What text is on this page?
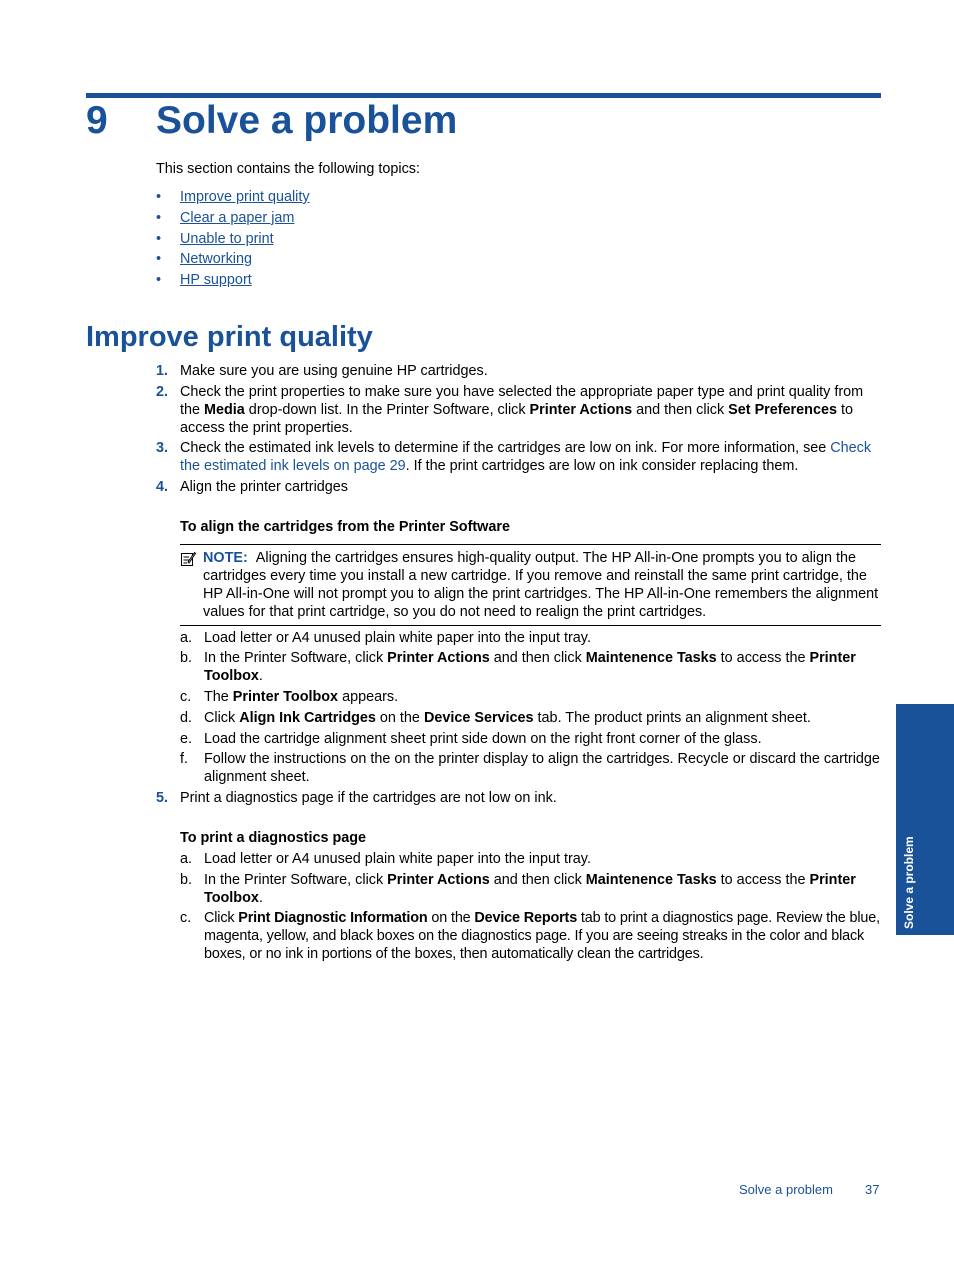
9 Solve a problem
This section contains the following topics:
• Improve print quality
• Clear a paper jam
• Unable to print
• Networking
• HP support
Improve print quality
1. Make sure you are using genuine HP cartridges.
2. Check the print properties to make sure you have selected the appropriate paper type and print quality from the Media drop-down list. In the Printer Software, click Printer Actions and then click Set Preferences to access the print properties.
3. Check the estimated ink levels to determine if the cartridges are low on ink. For more information, see Check the estimated ink levels on page 29. If the print cartridges are low on ink consider replacing them.
4. Align the printer cartridges
To align the cartridges from the Printer Software
NOTE: Aligning the cartridges ensures high-quality output. The HP All-in-One prompts you to align the cartridges every time you install a new cartridge. If you remove and reinstall the same print cartridge, the HP All-in-One will not prompt you to align the print cartridges. The HP All-in-One remembers the alignment values for that print cartridge, so you do not need to realign the print cartridges.
a. Load letter or A4 unused plain white paper into the input tray.
b. In the Printer Software, click Printer Actions and then click Maintenence Tasks to access the Printer Toolbox.
c. The Printer Toolbox appears.
d. Click Align Ink Cartridges on the Device Services tab. The product prints an alignment sheet.
e. Load the cartridge alignment sheet print side down on the right front corner of the glass.
f. Follow the instructions on the on the printer display to align the cartridges. Recycle or discard the cartridge alignment sheet.
5. Print a diagnostics page if the cartridges are not low on ink.
To print a diagnostics page
a. Load letter or A4 unused plain white paper into the input tray.
b. In the Printer Software, click Printer Actions and then click Maintenence Tasks to access the Printer Toolbox.
c. Click Print Diagnostic Information on the Device Reports tab to print a diagnostics page. Review the blue, magenta, yellow, and black boxes on the diagnostics page. If you are seeing streaks in the color and black boxes, or no ink in portions of the boxes, then automatically clean the cartridges.
Solve a problem
Solve a problem 37
